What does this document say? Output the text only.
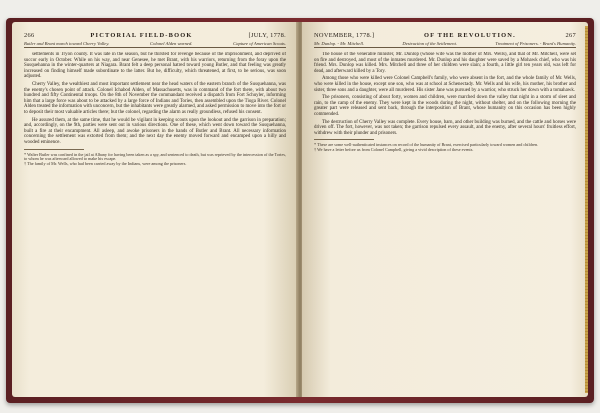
266	PICTORIAL FIELD-BOOK	[JULY, 1778.
Butler and Brant march toward Cherry Valley.	Colonel Alden warned.	Capture of American Scouts.

settlements in Tryon county. It was late in the season, but he thirsted for revenge because of the imprisonment, and deprived of succor early in October. While on his way, and near Genesee, he met Brant, with his warriors, returning from the foray upon the Susquehanna in the winter-quarters at Niagara. Brant felt a deep personal hatred toward young Butler, and that feeling was greatly increased on finding himself made subordinate to the latter. But he, difficulty, which threatened, at first, to be serious, was soon adjusted.

Cherry Valley, the wealthiest and most important settlement near the head waters of the eastern branch of the Susquehanna, was the enemy's chosen point of attack. Colonel Ichabod Alden, of Massachusetts, was in command of the fort there, with about two hundred and fifty Continental troops. On the 8th of November the commandant received a dispatch from Fort Schuyler, informing him that a large force was about to be attacked by a large force of Indians and Tories, then assembled upon the Tioga River. Colonel Alden treated the information with unconcern, but the inhabitants were greatly alarmed, and asked permission to move into the fort or to deposit their most valuable articles there; but the colonel, regarding the alarm as really groundless, refused his consent.

He assured them, at the same time, that he would be vigilant in keeping scouts upon the lookout and the garrison in preparation; and, accordingly, on the 9th, parties were sent out in various directions. One of these, which went down toward the Susquehanna, built a fire at their encampment. All asleep, and awoke prisoners in the hands of Butler and Brant. All necessary information concerning the settlement was extorted from them; and the next day the enemy moved forward and encamped upon a hilly and wooded eminence.

* Walter Butler was confined in the jail at Albany for having been taken as a spy, and sentenced to death, but was reprieved by the intercession of the Tories, to whom he was afterward allowed to make his escape.
† The family of Mr. Wells, who had been carried away by the Indians, were among the prisoners.
NOVEMBER, 1778.]	OF THE REVOLUTION.	267
Mr. Dunlop. - Mr. Mitchell.	Destruction of the Settlement.	Treatment of Prisoners. - Brant's Humanity.

The house of the venerable minister, Mr. Dunlop (whose wife was the mother of Mrs. Wells), and that of Mr. Mitchell, were set on fire and destroyed, and most of the inmates murdered. Mr. Dunlop and his daughter were saved by a Mohawk chief, who was his friend. Mrs. Dunlop was killed. Mrs. Mitchell and three of her children were slain; a fourth, a little girl ten years old, was left for dead, and afterward killed by a Tory.

Among those who were killed were Colonel Campbell's family, who were absent in the fort, and the whole family of Mr. Wells, who were killed in the house, except one son, who was at school at Schenectady. Mr. Wells and his wife, his mother, his brother and sister, three sons and a daughter, were all murdered. His sister Jane was pursued by a warrior, who struck her down with a tomahawk.

The prisoners, consisting of about forty, women and children, were marched down the valley that night in a storm of sleet and rain, to the camp of the enemy. They were kept in the woods during the night, without shelter, and on the following morning the greater part were released and sent back, through the interposition of Brant, whose humanity on this occasion has been highly commended.

The destruction of Cherry Valley was complete. Every house, barn, and other building was burned, and the cattle and horses were driven off. The fort, however, was not taken; the garrison repulsed every assault, and the enemy, after several hours' fruitless effort, withdrew with their plunder and prisoners.

* These are some well-authenticated instances on record of the humanity of Brant, exercised particularly toward women and children.
† We have a letter before us from Colonel Campbell, giving a vivid description of these events.
